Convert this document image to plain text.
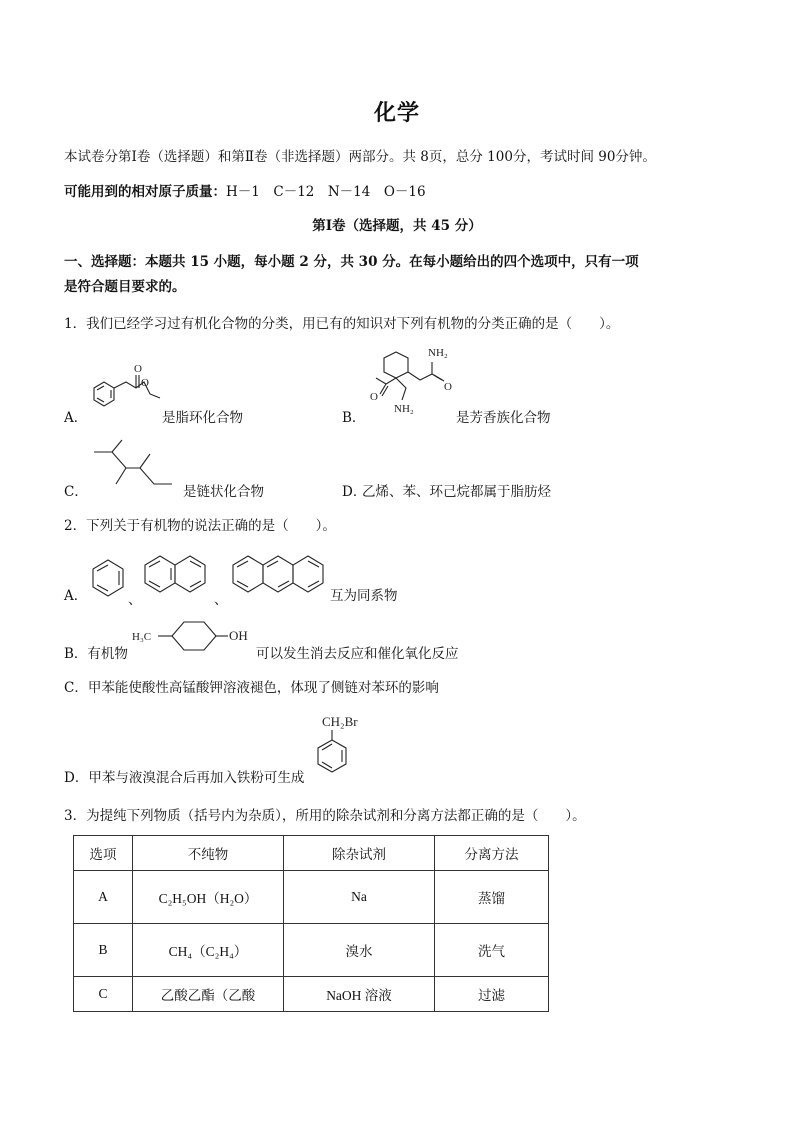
化学
本试卷分第Ⅰ卷（选择题）和第Ⅱ卷（非选择题）两部分。共 8页，总分 100分，考试时间 90分钟。
可能用到的相对原子质量：H－1　C－12　N－14　O－16
第Ⅰ卷（选择题，共 45 分）
一、选择题：本题共 15 小题，每小题 2 分，共 30 分。在每小题给出的四个选项中，只有一项
是符合题目要求的。
1．我们已经学习过有机化合物的分类，用已有的知识对下列有机物的分类正确的是（　　）。
A．
O
O
是脂环化合物	B．
NH₂
O
O
NH₂
是芳香族化合物
C．	是链状化合物	D．
乙烯、苯、环己烷都属于脂肪烃
2．下列关于有机物的说法正确的是（　　）。
A．	、	、	互为同系物
B．有机物
H₃C	OH
可以发生消去反应和催化氧化反应
C．甲苯能使酸性高锰酸钾溶液褪色，体现了侧链对苯环的影响
D．甲苯与液溴混合后再加入铁粉可生成
CH₂Br
3．为提纯下列物质（括号内为杂质），所用的除杂试剂和分离方法都正确的是（　　）。
选项	不纯物	除杂试剂	分离方法
A	C₂H₅OH（H₂O）	Na	蒸馏
B	CH₄（C₂H₄）	溴水	洗气
C	乙酸乙酯（乙酸	NaOH 溶液	过滤
